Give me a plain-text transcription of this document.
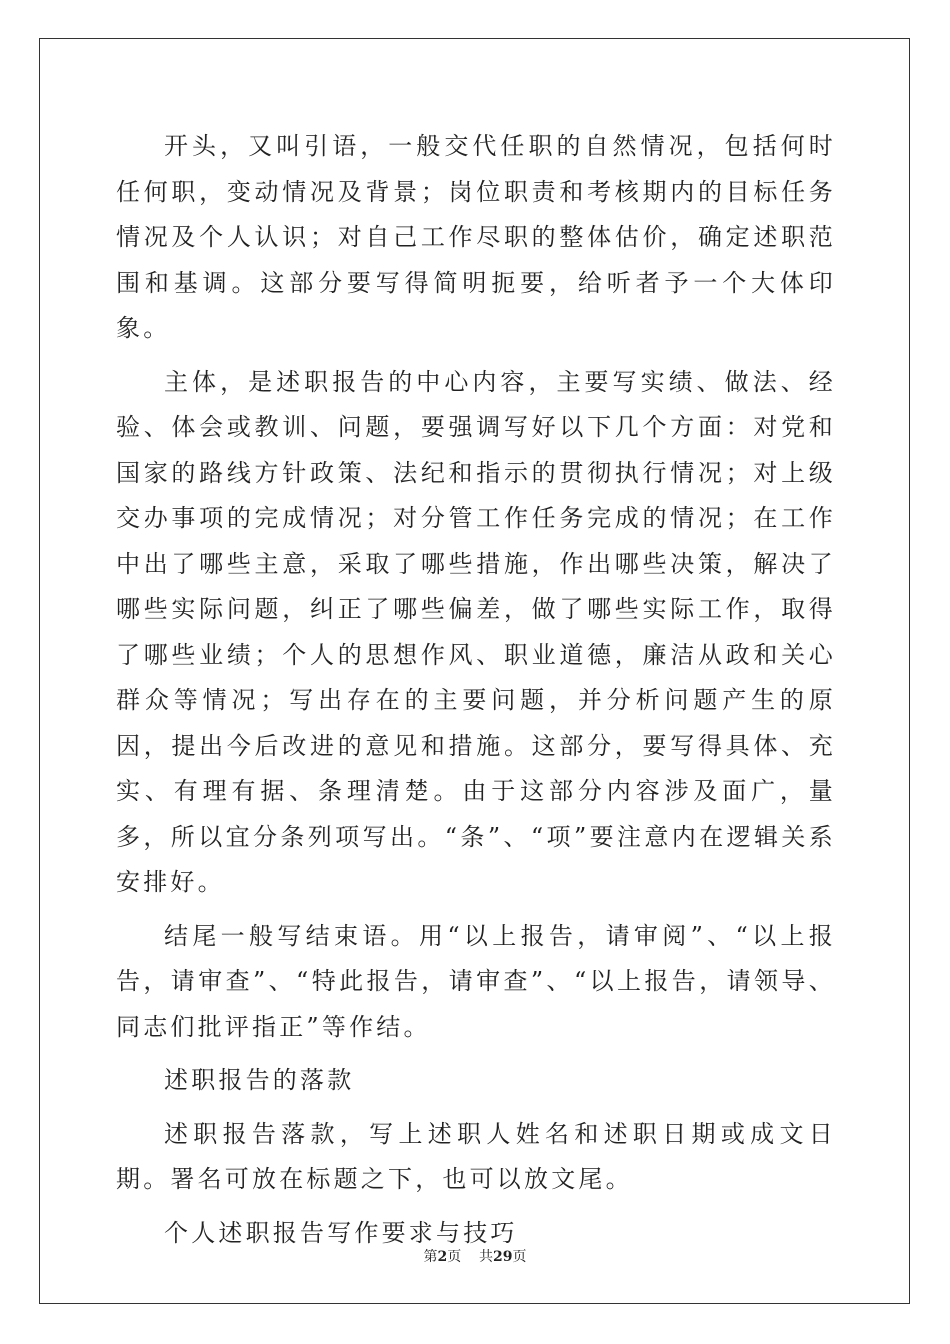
开头，又叫引语，一般交代任职的自然情况，包括何时任何职，变动情况及背景；岗位职责和考核期内的目标任务情况及个人认识；对自己工作尽职的整体估价，确定述职范围和基调。这部分要写得简明扼要，给听者予一个大体印象。

主体，是述职报告的中心内容，主要写实绩、做法、经验、体会或教训、问题，要强调写好以下几个方面：对党和国家的路线方针政策、法纪和指示的贯彻执行情况；对上级交办事项的完成情况；对分管工作任务完成的情况；在工作中出了哪些主意，采取了哪些措施，作出哪些决策，解决了哪些实际问题，纠正了哪些偏差，做了哪些实际工作，取得了哪些业绩；个人的思想作风、职业道德，廉洁从政和关心群众等情况；写出存在的主要问题，并分析问题产生的原因，提出今后改进的意见和措施。这部分，要写得具体、充实、有理有据、条理清楚。由于这部分内容涉及面广，量多，所以宜分条列项写出。“条”、“项”要注意内在逻辑关系安排好。

结尾一般写结束语。用“以上报告，请审阅”、“以上报告，请审查”、“特此报告，请审查”、“以上报告，请领导、同志们批评指正”等作结。

述职报告的落款

述职报告落款，写上述职人姓名和述职日期或成文日期。署名可放在标题之下，也可以放文尾。

个人述职报告写作要求与技巧

第2页 共29页
